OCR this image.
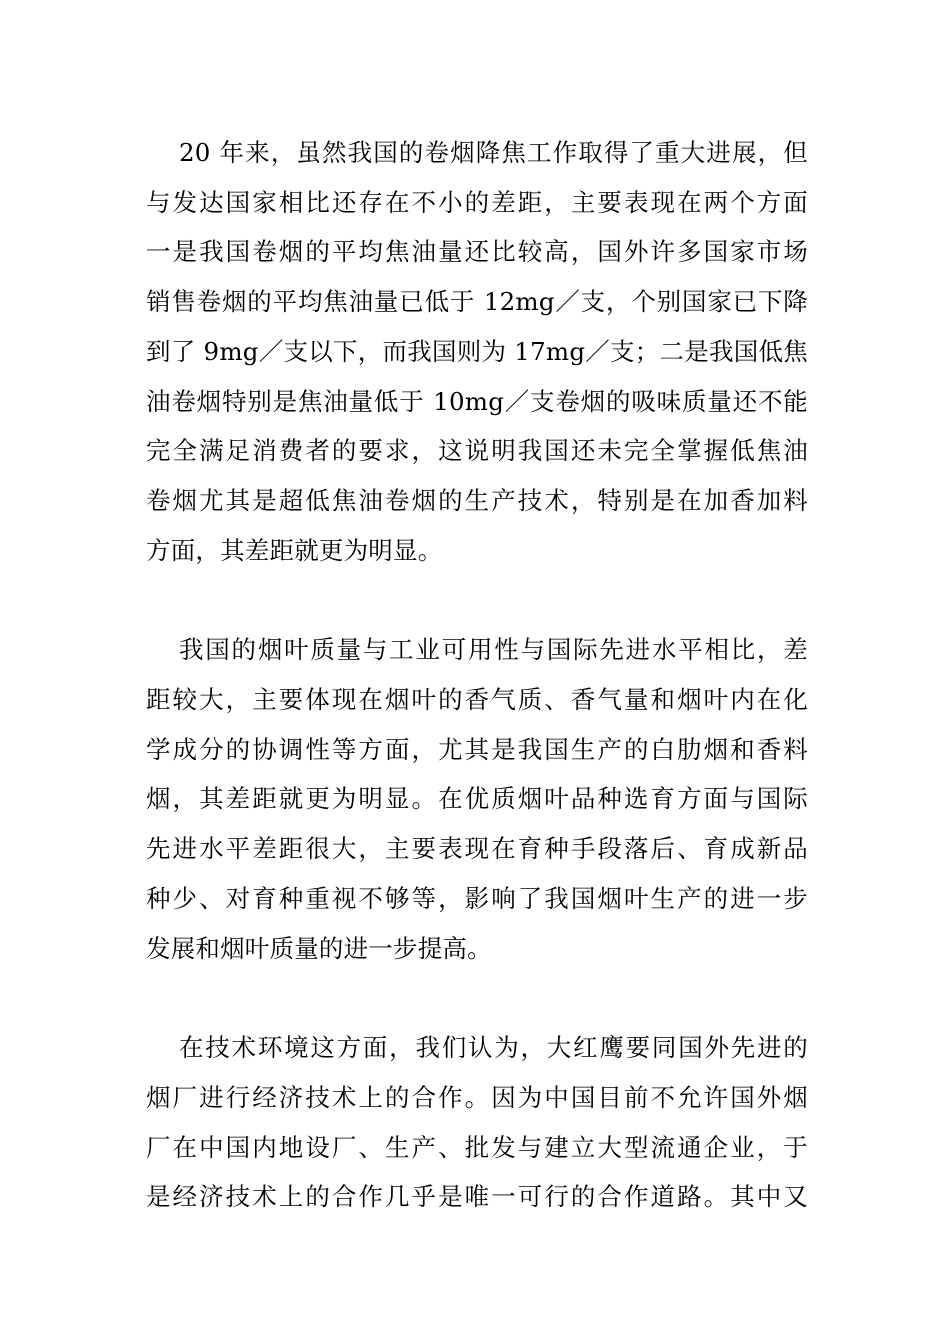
20 年来，虽然我国的卷烟降焦工作取得了重大进展，但
与发达国家相比还存在不小的差距，主要表现在两个方面
一是我国卷烟的平均焦油量还比较高，国外许多国家市场
销售卷烟的平均焦油量已低于 12mg／支，个别国家已下降
到了 9mg／支以下，而我国则为 17mg／支；二是我国低焦
油卷烟特别是焦油量低于 10mg／支卷烟的吸味质量还不能
完全满足消费者的要求，这说明我国还未完全掌握低焦油
卷烟尤其是超低焦油卷烟的生产技术，特别是在加香加料
方面，其差距就更为明显。
我国的烟叶质量与工业可用性与国际先进水平相比，差
距较大，主要体现在烟叶的香气质、香气量和烟叶内在化
学成分的协调性等方面，尤其是我国生产的白肋烟和香料
烟，其差距就更为明显。在优质烟叶品种选育方面与国际
先进水平差距很大，主要表现在育种手段落后、育成新品
种少、对育种重视不够等，影响了我国烟叶生产的进一步
发展和烟叶质量的进一步提高。
在技术环境这方面，我们认为，大红鹰要同国外先进的
烟厂进行经济技术上的合作。因为中国目前不允许国外烟
厂在中国内地设厂、生产、批发与建立大型流通企业，于
是经济技术上的合作几乎是唯一可行的合作道路。其中又
